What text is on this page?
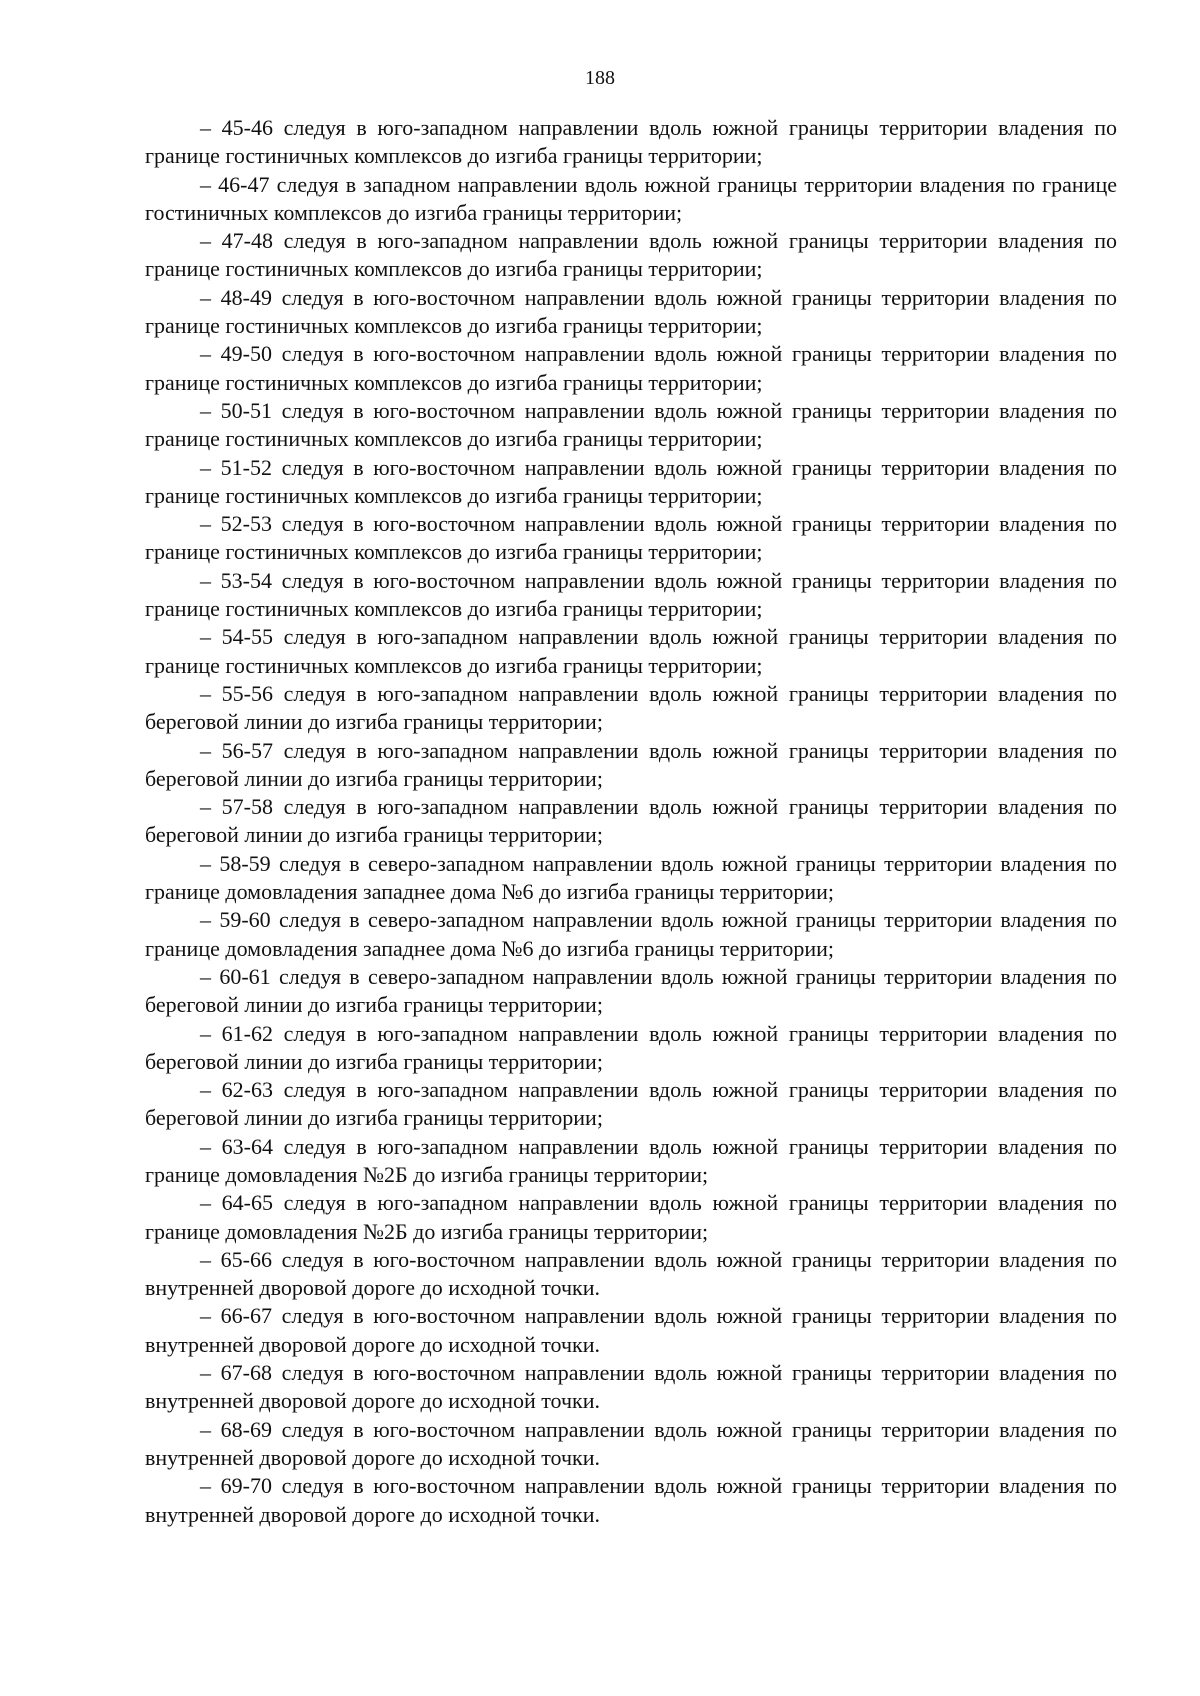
188

– 45-46 следуя в юго-западном направлении вдоль южной границы территории владения по границе гостиничных комплексов до изгиба границы территории;

– 46-47 следуя в западном направлении вдоль южной границы территории владения по границе гостиничных комплексов до изгиба границы территории;

– 47-48 следуя в юго-западном направлении вдоль южной границы территории владения по границе гостиничных комплексов до изгиба границы территории;

– 48-49 следуя в юго-восточном направлении вдоль южной границы территории владения по границе гостиничных комплексов до изгиба границы территории;

– 49-50 следуя в юго-восточном направлении вдоль южной границы территории владения по границе гостиничных комплексов до изгиба границы территории;

– 50-51 следуя в юго-восточном направлении вдоль южной границы территории владения по границе гостиничных комплексов до изгиба границы территории;

– 51-52 следуя в юго-восточном направлении вдоль южной границы территории владения по границе гостиничных комплексов до изгиба границы территории;

– 52-53 следуя в юго-восточном направлении вдоль южной границы территории владения по границе гостиничных комплексов до изгиба границы территории;

– 53-54 следуя в юго-восточном направлении вдоль южной границы территории владения по границе гостиничных комплексов до изгиба границы территории;

– 54-55 следуя в юго-западном направлении вдоль южной границы территории владения по границе гостиничных комплексов до изгиба границы территории;

– 55-56 следуя в юго-западном направлении вдоль южной границы территории владения по береговой линии до изгиба границы территории;

– 56-57 следуя в юго-западном направлении вдоль южной границы территории владения по береговой линии до изгиба границы территории;

– 57-58 следуя в юго-западном направлении вдоль южной границы территории владения по береговой линии до изгиба границы территории;

– 58-59 следуя в северо-западном направлении вдоль южной границы территории владения по границе домовладения западнее дома №6 до изгиба границы территории;

– 59-60 следуя в северо-западном направлении вдоль южной границы территории владения по границе домовладения западнее дома №6 до изгиба границы территории;

– 60-61 следуя в северо-западном направлении вдоль южной границы территории владения по береговой линии до изгиба границы территории;

– 61-62 следуя в юго-западном направлении вдоль южной границы территории владения по береговой линии до изгиба границы территории;

– 62-63 следуя в юго-западном направлении вдоль южной границы территории владения по береговой линии до изгиба границы территории;

– 63-64 следуя в юго-западном направлении вдоль южной границы территории владения по границе домовладения №2Б до изгиба границы территории;

– 64-65 следуя в юго-западном направлении вдоль южной границы территории владения по границе домовладения №2Б до изгиба границы территории;

– 65-66 следуя в юго-восточном направлении вдоль южной границы территории владения по внутренней дворовой дороге до исходной точки.

– 66-67 следуя в юго-восточном направлении вдоль южной границы территории владения по внутренней дворовой дороге до исходной точки.

– 67-68 следуя в юго-восточном направлении вдоль южной границы территории владения по внутренней дворовой дороге до исходной точки.

– 68-69 следуя в юго-восточном направлении вдоль южной границы территории владения по внутренней дворовой дороге до исходной точки.

– 69-70 следуя в юго-восточном направлении вдоль южной границы территории владения по внутренней дворовой дороге до исходной точки.
